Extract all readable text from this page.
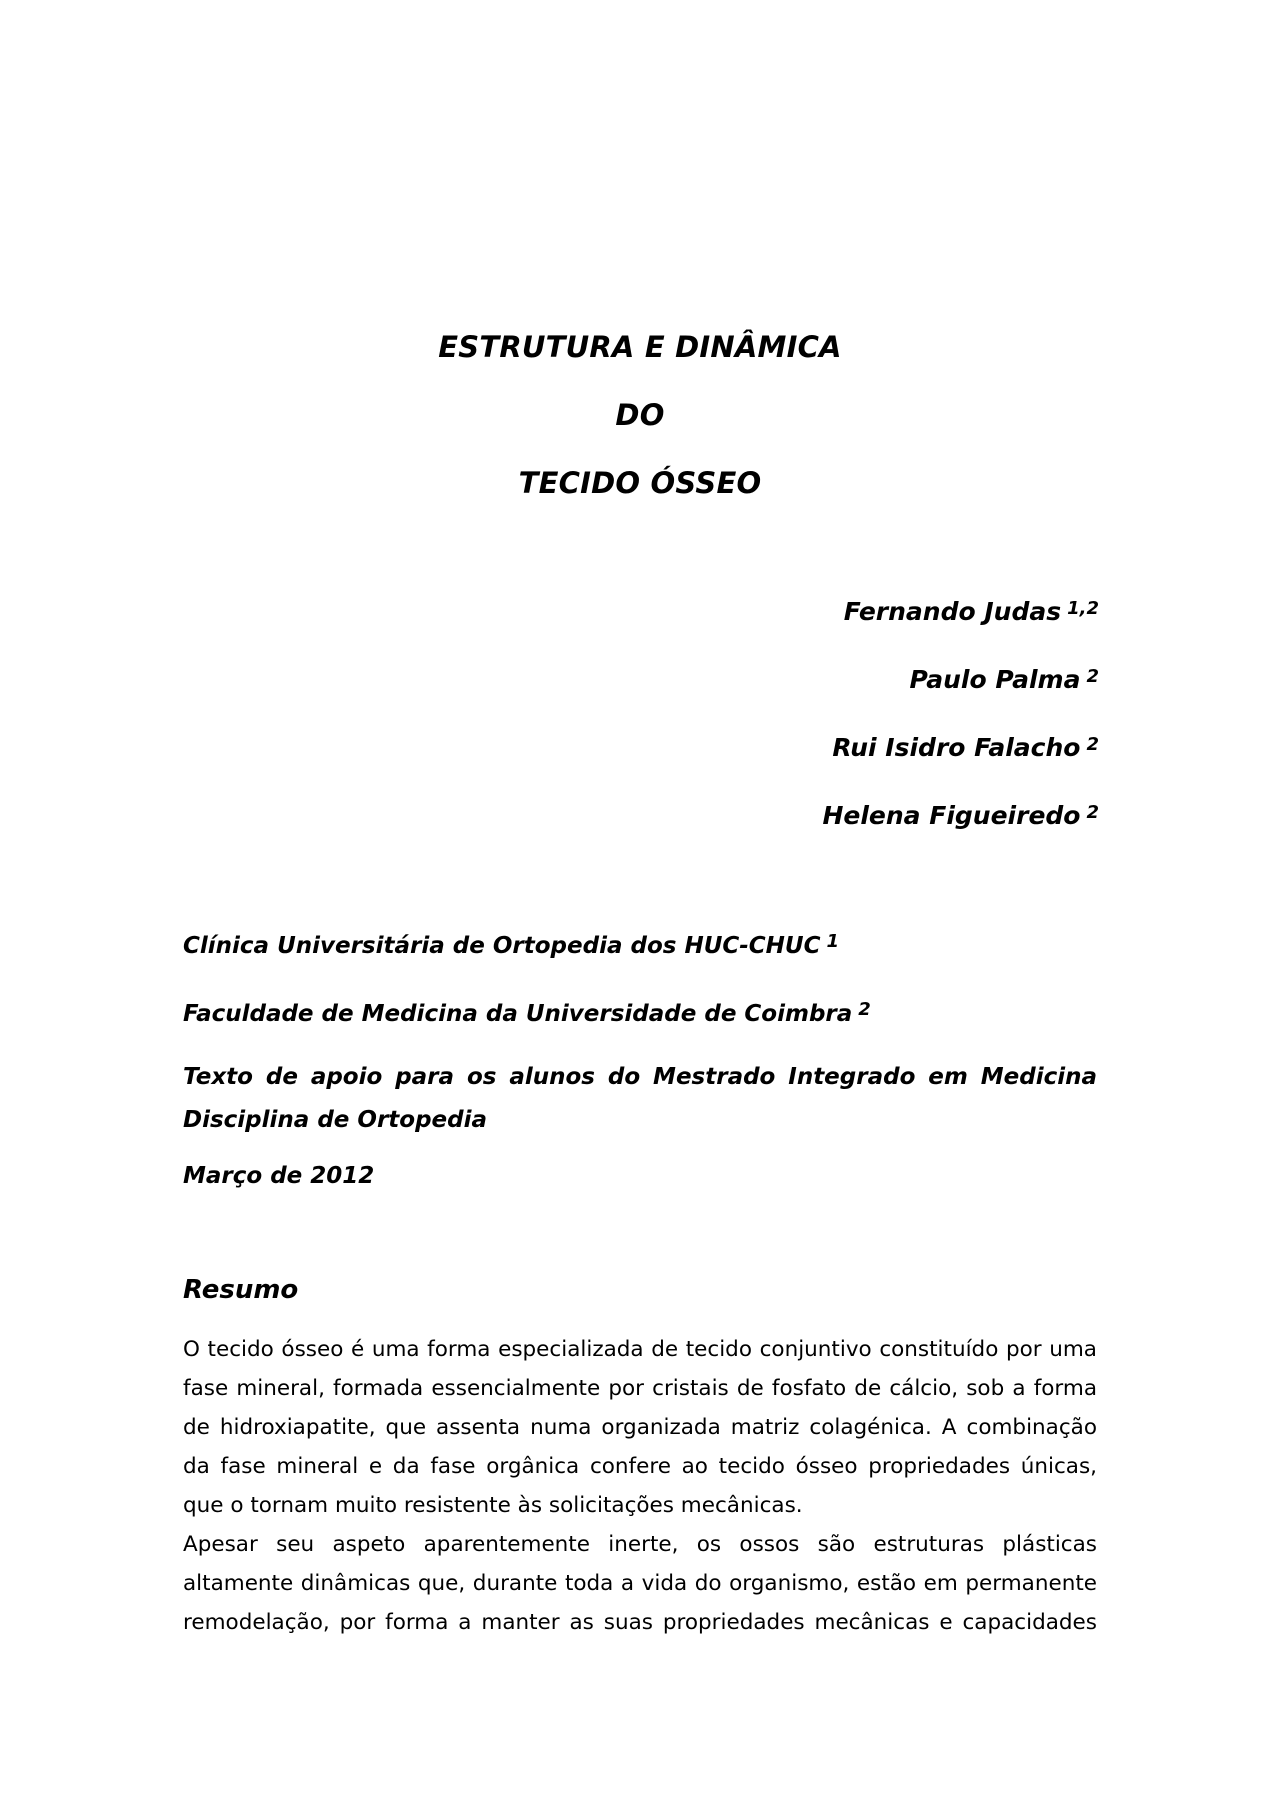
ESTRUTURA E DINÂMICA
DO
TECIDO ÓSSEO
Fernando Judas $^{1,2}$
Paulo Palma $^2$
Rui Isidro Falacho $^2$
Helena Figueiredo $^2$
Clínica Universitária de Ortopedia dos HUC-CHUC $^1$
Faculdade de Medicina da Universidade de Coimbra $^2$
Texto de apoio para os alunos do Mestrado Integrado em Medicina
Disciplina de Ortopedia
Março de 2012
Resumo

O tecido ósseo é uma forma especializada de tecido conjuntivo constituído por uma fase mineral, formada essencialmente por cristais de fosfato de cálcio, sob a forma de hidroxiapatite, que assenta numa organizada matriz colagénica. A combinação da fase mineral e da fase orgânica confere ao tecido ósseo propriedades únicas, que o tornam muito resistente às solicitações mecânicas.

Apesar seu aspeto aparentemente inerte, os ossos são estruturas plásticas altamente dinâmicas que, durante toda a vida do organismo, estão em permanente remodelação, por forma a manter as suas propriedades mecânicas e capacidades
